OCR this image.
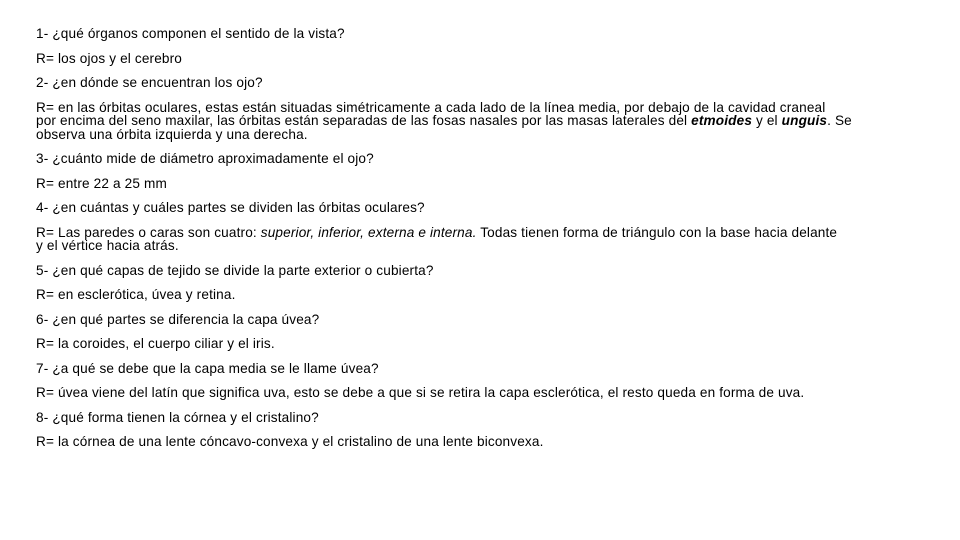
1- ¿qué órganos componen el sentido de la vista?

R= los ojos y el cerebro

2- ¿en dónde se encuentran los ojo?

R= en las órbitas oculares, estas están situadas simétricamente a cada lado de la línea media, por debajo de la cavidad craneal
por encima del seno maxilar, las órbitas están separadas de las fosas nasales por las masas laterales del etmoides y el unguis. Se
observa una órbita izquierda y una derecha.

3- ¿cuánto mide de diámetro aproximadamente el ojo?

R= entre 22 a 25 mm

4- ¿en cuántas y cuáles partes se dividen las órbitas oculares?

R= Las paredes o caras son cuatro: superior, inferior, externa e interna. Todas tienen forma de triángulo con la base hacia delante
y el vértice hacia atrás.

5- ¿en qué capas de tejido se divide la parte exterior o cubierta?

R= en esclerótica, úvea y retina.

6- ¿en qué partes se diferencia la capa úvea?

R= la coroides, el cuerpo ciliar y el iris.

7- ¿a qué se debe que la capa media se le llame úvea?

R= úvea viene del latín que significa uva, esto se debe a que si se retira la capa esclerótica, el resto queda en forma de uva.

8- ¿qué forma tienen la córnea y el cristalino?

R= la córnea de una lente cóncavo-convexa y el cristalino de una lente biconvexa.
